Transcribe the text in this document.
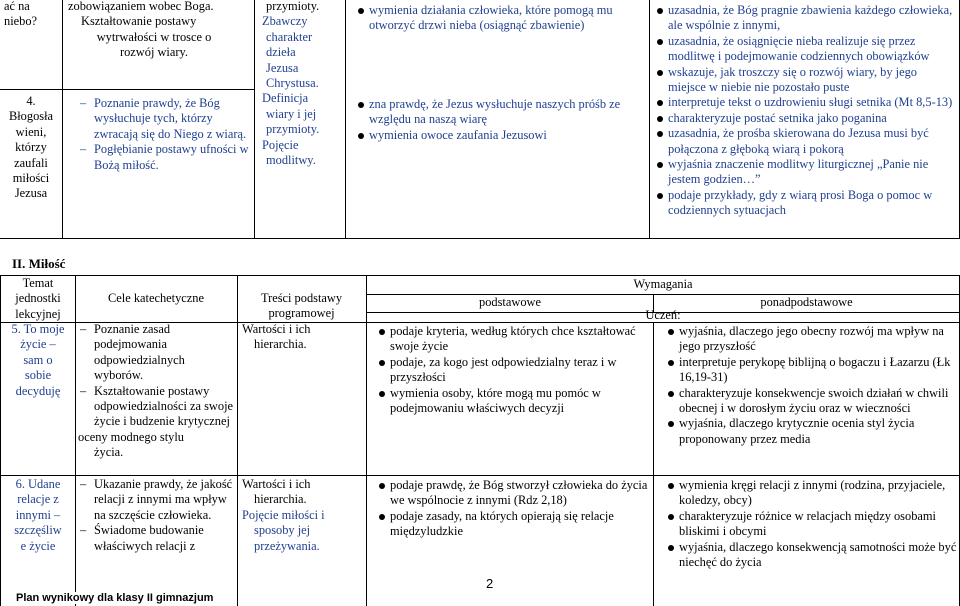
ać na
niebo?
4.
Błogosła
wieni,
którzy
zaufali
miłości
Jezusa
zobowiązaniem wobec Boga.
Kształtowanie postawy
wytrwałości w trosce o
rozwój wiary.
– Poznanie prawdy, że Bóg wysłuchuje tych, którzy zwracają się do Niego z wiarą.
– Pogłębianie postawy ufności w Bożą miłość.
przymioty.
Zbawczy
charakter
dzieła
Jezusa
Chrystusa.
Definicja
wiary i jej
przymioty.
Pojęcie
modlitwy.
wymienia działania człowieka, które pomogą mu otworzyć drzwi nieba (osiągnąć zbawienie)
zna prawdę, że Jezus wysłuchuje naszych próśb ze względu na naszą wiarę
wymienia owoce zaufania Jezusowi
uzasadnia, że Bóg pragnie zbawienia każdego człowieka, ale wspólnie z innymi,
uzasadnia, że osiągnięcie nieba realizuje się przez modlitwę i podejmowanie codziennych obowiązków
wskazuje, jak troszczy się o rozwój wiary, by jego miejsce w niebie nie pozostało puste
interpretuje tekst o uzdrowieniu sługi setnika (Mt 8,5-13)
charakteryzuje postać setnika jako poganina
uzasadnia, że prośba skierowana do Jezusa musi być połączona z głęboką wiarą i pokorą
wyjaśnia znaczenie modlitwy liturgicznej „Panie nie jestem godzien…”
podaje przykłady, gdy z wiarą prosi Boga o pomoc w codziennych sytuacjach
II. Miłość
Temat
jednostki
lekcyjnej
Cele katechetyczne	Treści podstawy
programowej
Wymagania
podstawowe	ponadpodstawowe
Uczeń:
5. To moje
życie –
sam o
sobie
decyduję
– Poznanie zasad podejmowania odpowiedzialnych wyborów.
– Kształtowanie postawy odpowiedzialności za swoje życie i budzenie krytycznej
oceny modnego stylu
życia.
Wartości i ich
hierarchia.
podaje kryteria, według których chce kształtować swoje życie
podaje, za kogo jest odpowiedzialny teraz i w przyszłości
wymienia osoby, które mogą mu pomóc w podejmowaniu właściwych decyzji
wyjaśnia, dlaczego jego obecny rozwój ma wpływ na jego przyszłość
interpretuje perykopę biblijną o bogaczu i Łazarzu (Łk 16,19-31)
charakteryzuje konsekwencje swoich działań w chwili obecnej i w dorosłym życiu oraz w wieczności
wyjaśnia, dlaczego krytycznie ocenia styl życia proponowany przez media
6. Udane
relacje z
innymi –
szczęśliw
e życie
– Ukazanie prawdy, że jakość relacji z innymi ma wpływ na szczęście człowieka.
– Świadome budowanie właściwych relacji z
Wartości i ich
hierarchia.
Pojęcie miłości i
sposoby jej
przeżywania.
podaje prawdę, że Bóg stworzył człowieka do życia we wspólnocie z innymi (Rdz 2,18)
podaje zasady, na których opierają się relacje międzyludzkie
wymienia kręgi relacji z innymi (rodzina, przyjaciele, koledzy, obcy)
charakteryzuje różnice w relacjach między osobami bliskimi i obcymi
wyjaśnia, dlaczego konsekwencją samotności może być niechęć do życia
2
Plan wynikowy dla klasy II gimnazjum
